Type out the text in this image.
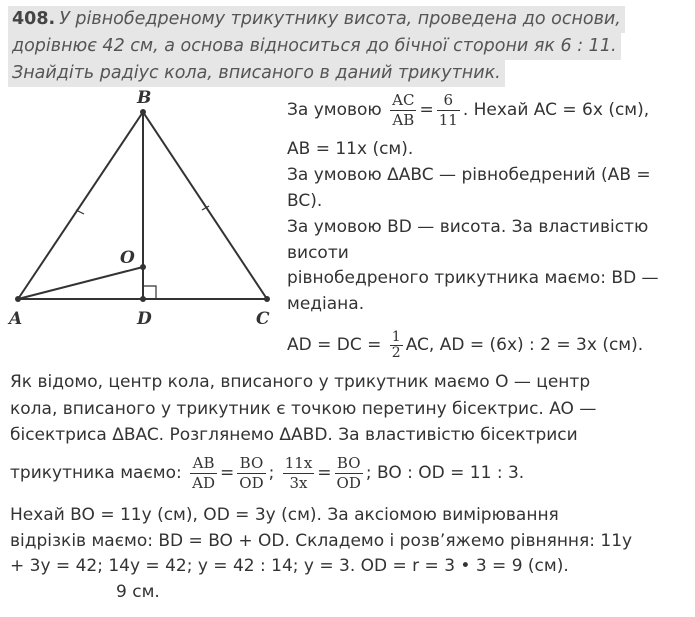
408. У рівнобедреному трикутнику висота, проведена до основи,
дорівнює 42 см, а основа відноситься до бічної сторони як 6 : 11.
Знайдіть радіус кола, вписаного в даний трикутник.
B
O
A	D	C
За умовою $\frac{AC}{AB} = \frac{6}{11}$ . Нехай AC = 6x (см),
AB = 11x (см).
За умовою ΔABC — рівнобедрений (AB =
BC).
За умовою BD — висота. За властивістю
висоти
рівнобедреного трикутника маємо: BD —
медіана.
AD = DC = $\frac{1}{2}$ AC, AD = (6x) : 2 = 3x (см).
Як відомо, центр кола, вписаного у трикутник маємо O — центр
кола, вписаного у трикутник є точкою перетину бісектрис. AO —
бісектриса ΔBAC. Розглянемо ΔABD. За властивістю бісектриси
трикутника маємо: $\frac{AB}{AD} = \frac{BO}{OD}$ ; $\frac{11x}{3x} = \frac{BO}{OD}$ ; BO : OD = 11 : 3.
Нехай BO = 11y (см), OD = 3y (см). За аксіомою вимірювання
відрізків маємо: BD = BO + OD. Складемо і розв’яжемо рівняння: 11y
+ 3y = 42; 14y = 42; y = 42 : 14; y = 3. OD = r = 3 • 3 = 9 (см).
9 см.
